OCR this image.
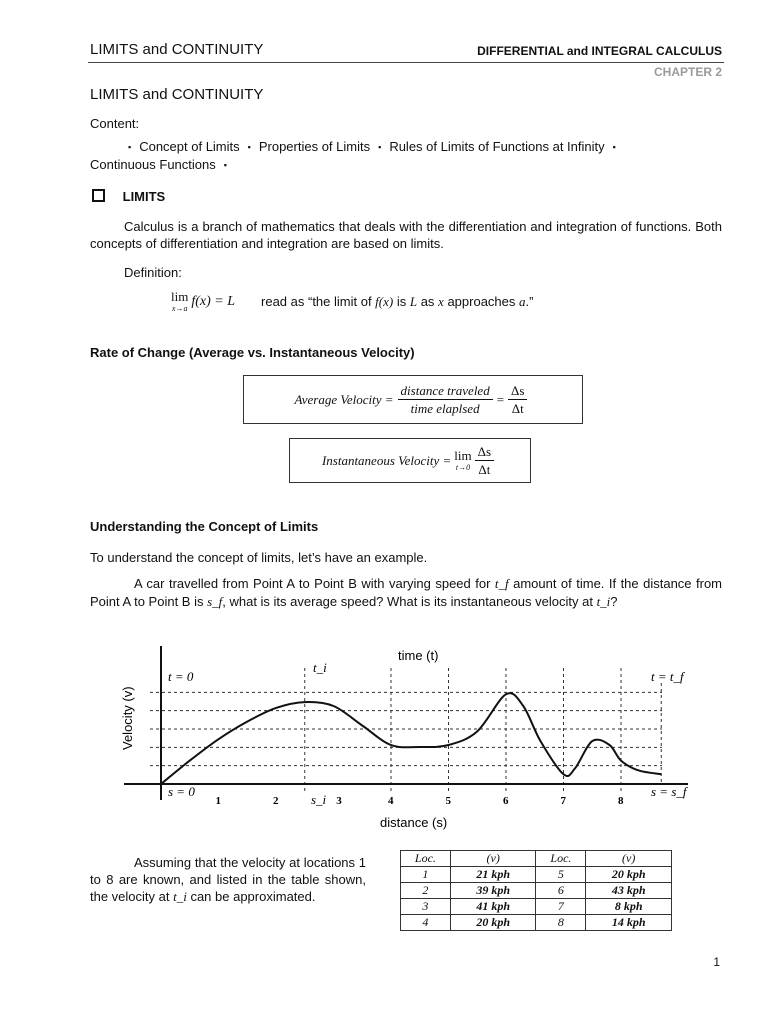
LIMITS and CONTINUITY	DIFFERENTIAL and INTEGRAL CALCULUS
CHAPTER 2
LIMITS and CONTINUITY
Content:
▪ Concept of Limits ▪ Properties of Limits ▪ Rules of Limits of Functions at Infinity ▪
Continuous Functions ▪
LIMITS
Calculus is a branch of mathematics that deals with the differentiation and integration of functions. Both concepts of differentiation and integration are based on limits.
Definition:
lim
x→a f(x) = L read as “the limit of f(x) is L as x approaches a.”
Rate of Change (Average vs. Instantaneous Velocity)
Average Velocity = $\frac{\text{distance traveled}}{\text{time elaplsed}} = \frac{\Delta s}{\Delta t}$
Instantaneous Velocity = lim
$t\to 0 \frac{\Delta s}{\Delta t}$
Understanding the Concept of Limits
To understand the concept of limits, let’s have an example.
A car travelled from Point A to Point B with varying speed for t_f amount of time. If the distance from Point A to Point B is s_f, what is its average speed? What is its instantaneous velocity at t_i?
1	2	3	4	5	6	7	8
time (t)
distance (s)
Velocity (v)
t = 0
t_i
t = t_f
s = 0
s_i
s = s_f
Assuming that the velocity at locations 1 to 8 are known, and listed in the table shown, the velocity at t_i can be approximated.
Loc.	(v)	Loc.	(v)
1	21 kph	5	20 kph
2	39 kph	6	43 kph
3	41 kph	7	8 kph
4	20 kph	8	14 kph
1
